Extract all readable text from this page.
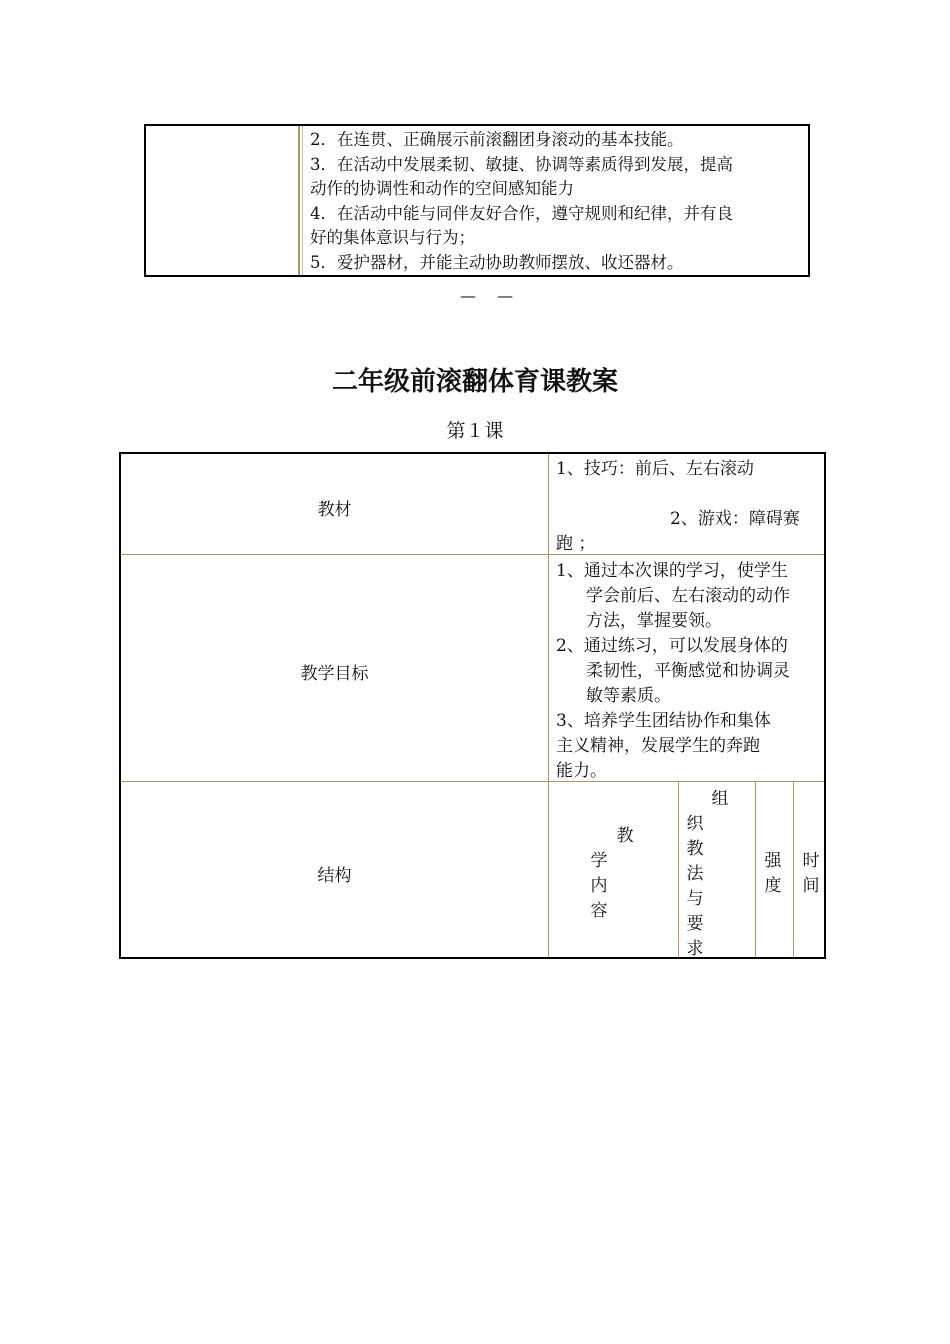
2．在连贯、正确展示前滚翻团身滚动的基本技能。
3．在活动中发展柔韧、敏捷、协调等素质得到发展，提高
动作的协调性和动作的空间感知能力
4．在活动中能与同伴友好合作，遵守规则和纪律，并有良
好的集体意识与行为；
5．爱护器材，并能主动协助教师摆放、收还器材。
— —
二年级前滚翻体育课教案
第１课
教材
1、技巧：前后、左右滚动
2、游戏：障碍赛
跑 ；
教学目标
1、通过本次课的学习，使学生
学会前后、左右滚动的动作
方法，掌握要领。
2、通过练习，可以发展身体的
柔韧性，平衡感觉和协调灵
敏等素质。
3、培养学生团结协作和集体
主义精神，发展学生的奔跑
能力。
结构
教
学
内
容
组
织
教
法
与
要
求
强
度
时
间
